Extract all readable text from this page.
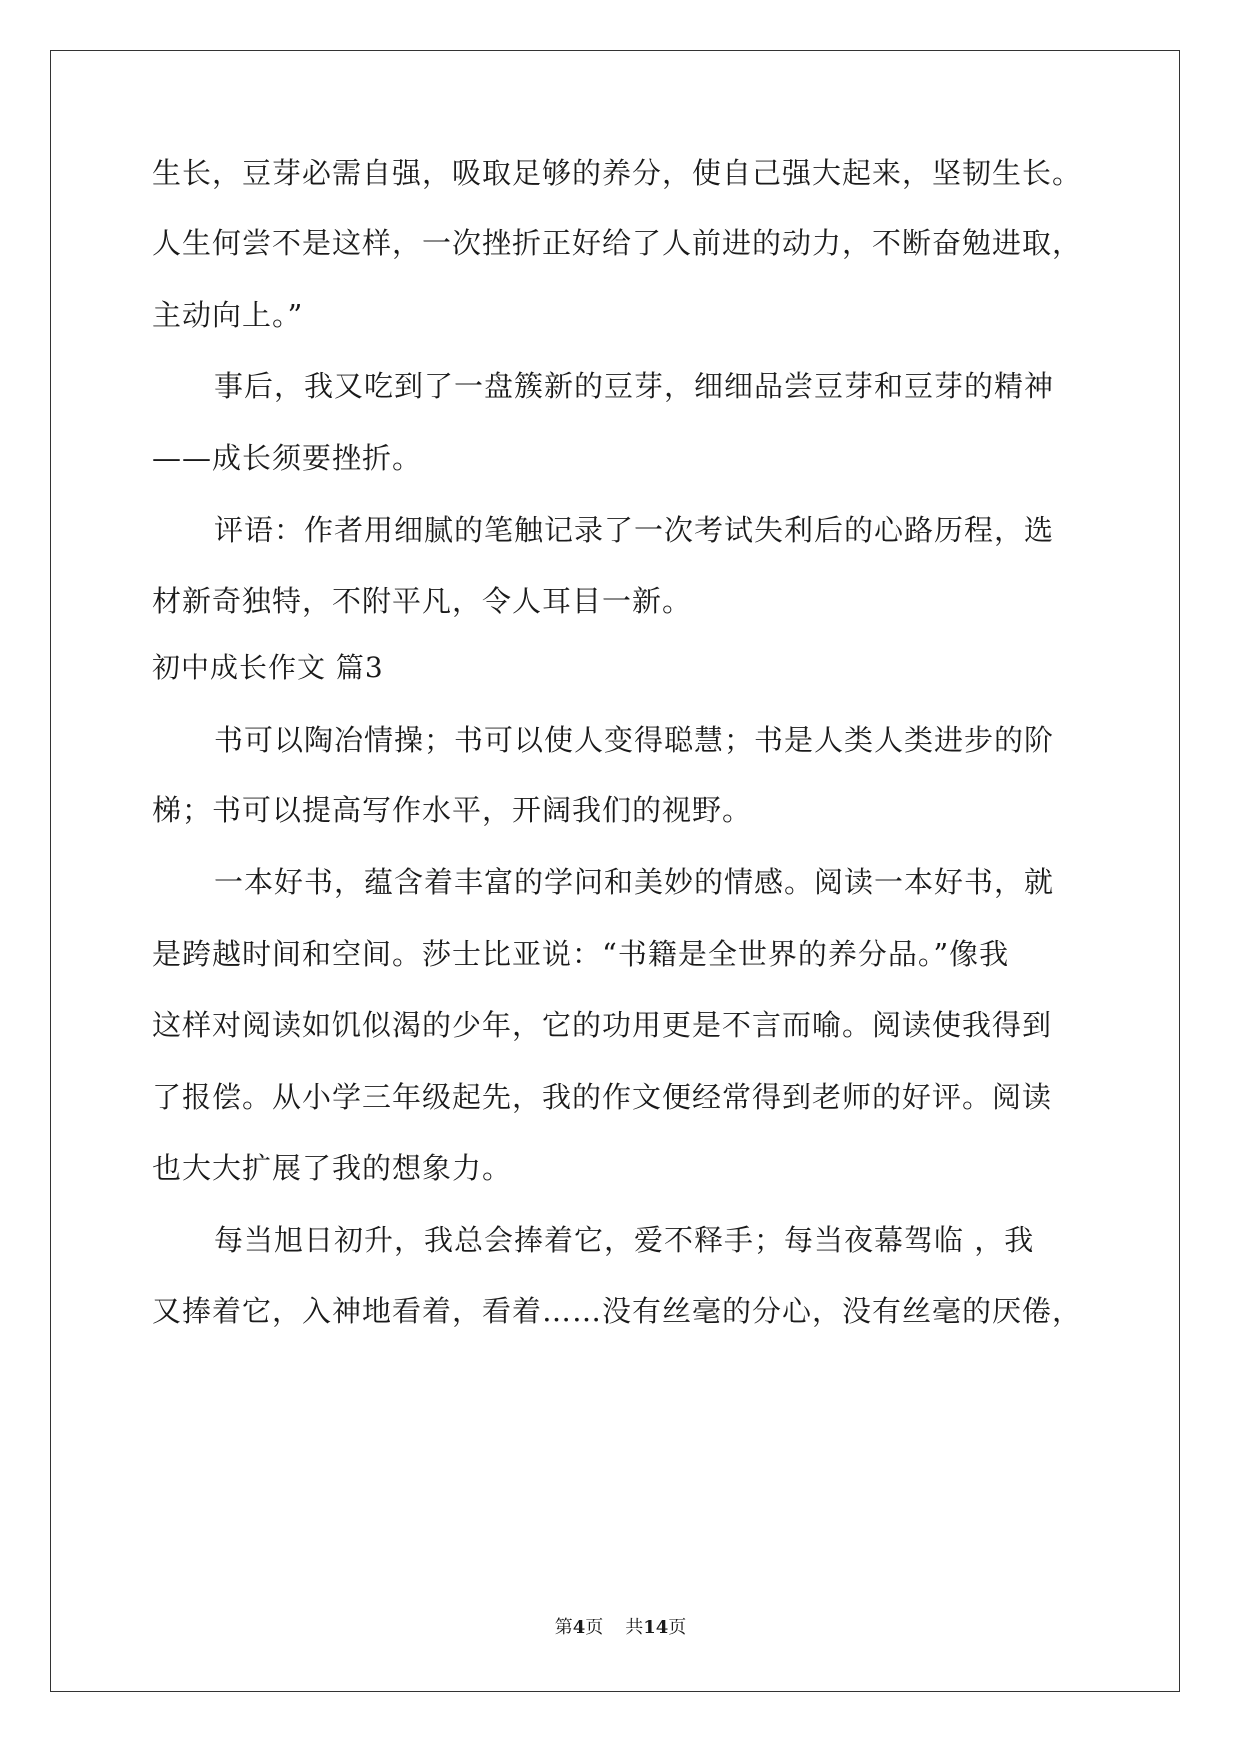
生长，豆芽必需自强，吸取足够的养分，使自己强大起来，坚韧生长。
人生何尝不是这样，一次挫折正好给了人前进的动力，不断奋勉进取，
主动向上。”
事后，我又吃到了一盘簇新的豆芽，细细品尝豆芽和豆芽的精神
——成长须要挫折。
评语：作者用细腻的笔触记录了一次考试失利后的心路历程，选
材新奇独特，不附平凡，令人耳目一新。
初中成长作文 篇3
书可以陶冶情操；书可以使人变得聪慧；书是人类人类进步的阶
梯；书可以提高写作水平，开阔我们的视野。
一本好书，蕴含着丰富的学问和美妙的情感。阅读一本好书，就
是跨越时间和空间。莎士比亚说：“书籍是全世界的养分品。”像我
这样对阅读如饥似渴的少年，它的功用更是不言而喻。阅读使我得到
了报偿。从小学三年级起先，我的作文便经常得到老师的好评。阅读
也大大扩展了我的想象力。
每当旭日初升，我总会捧着它，爱不释手；每当夜幕驾临 ，我
又捧着它，入神地看着，看着……没有丝毫的分心，没有丝毫的厌倦，
第4页 共14页
